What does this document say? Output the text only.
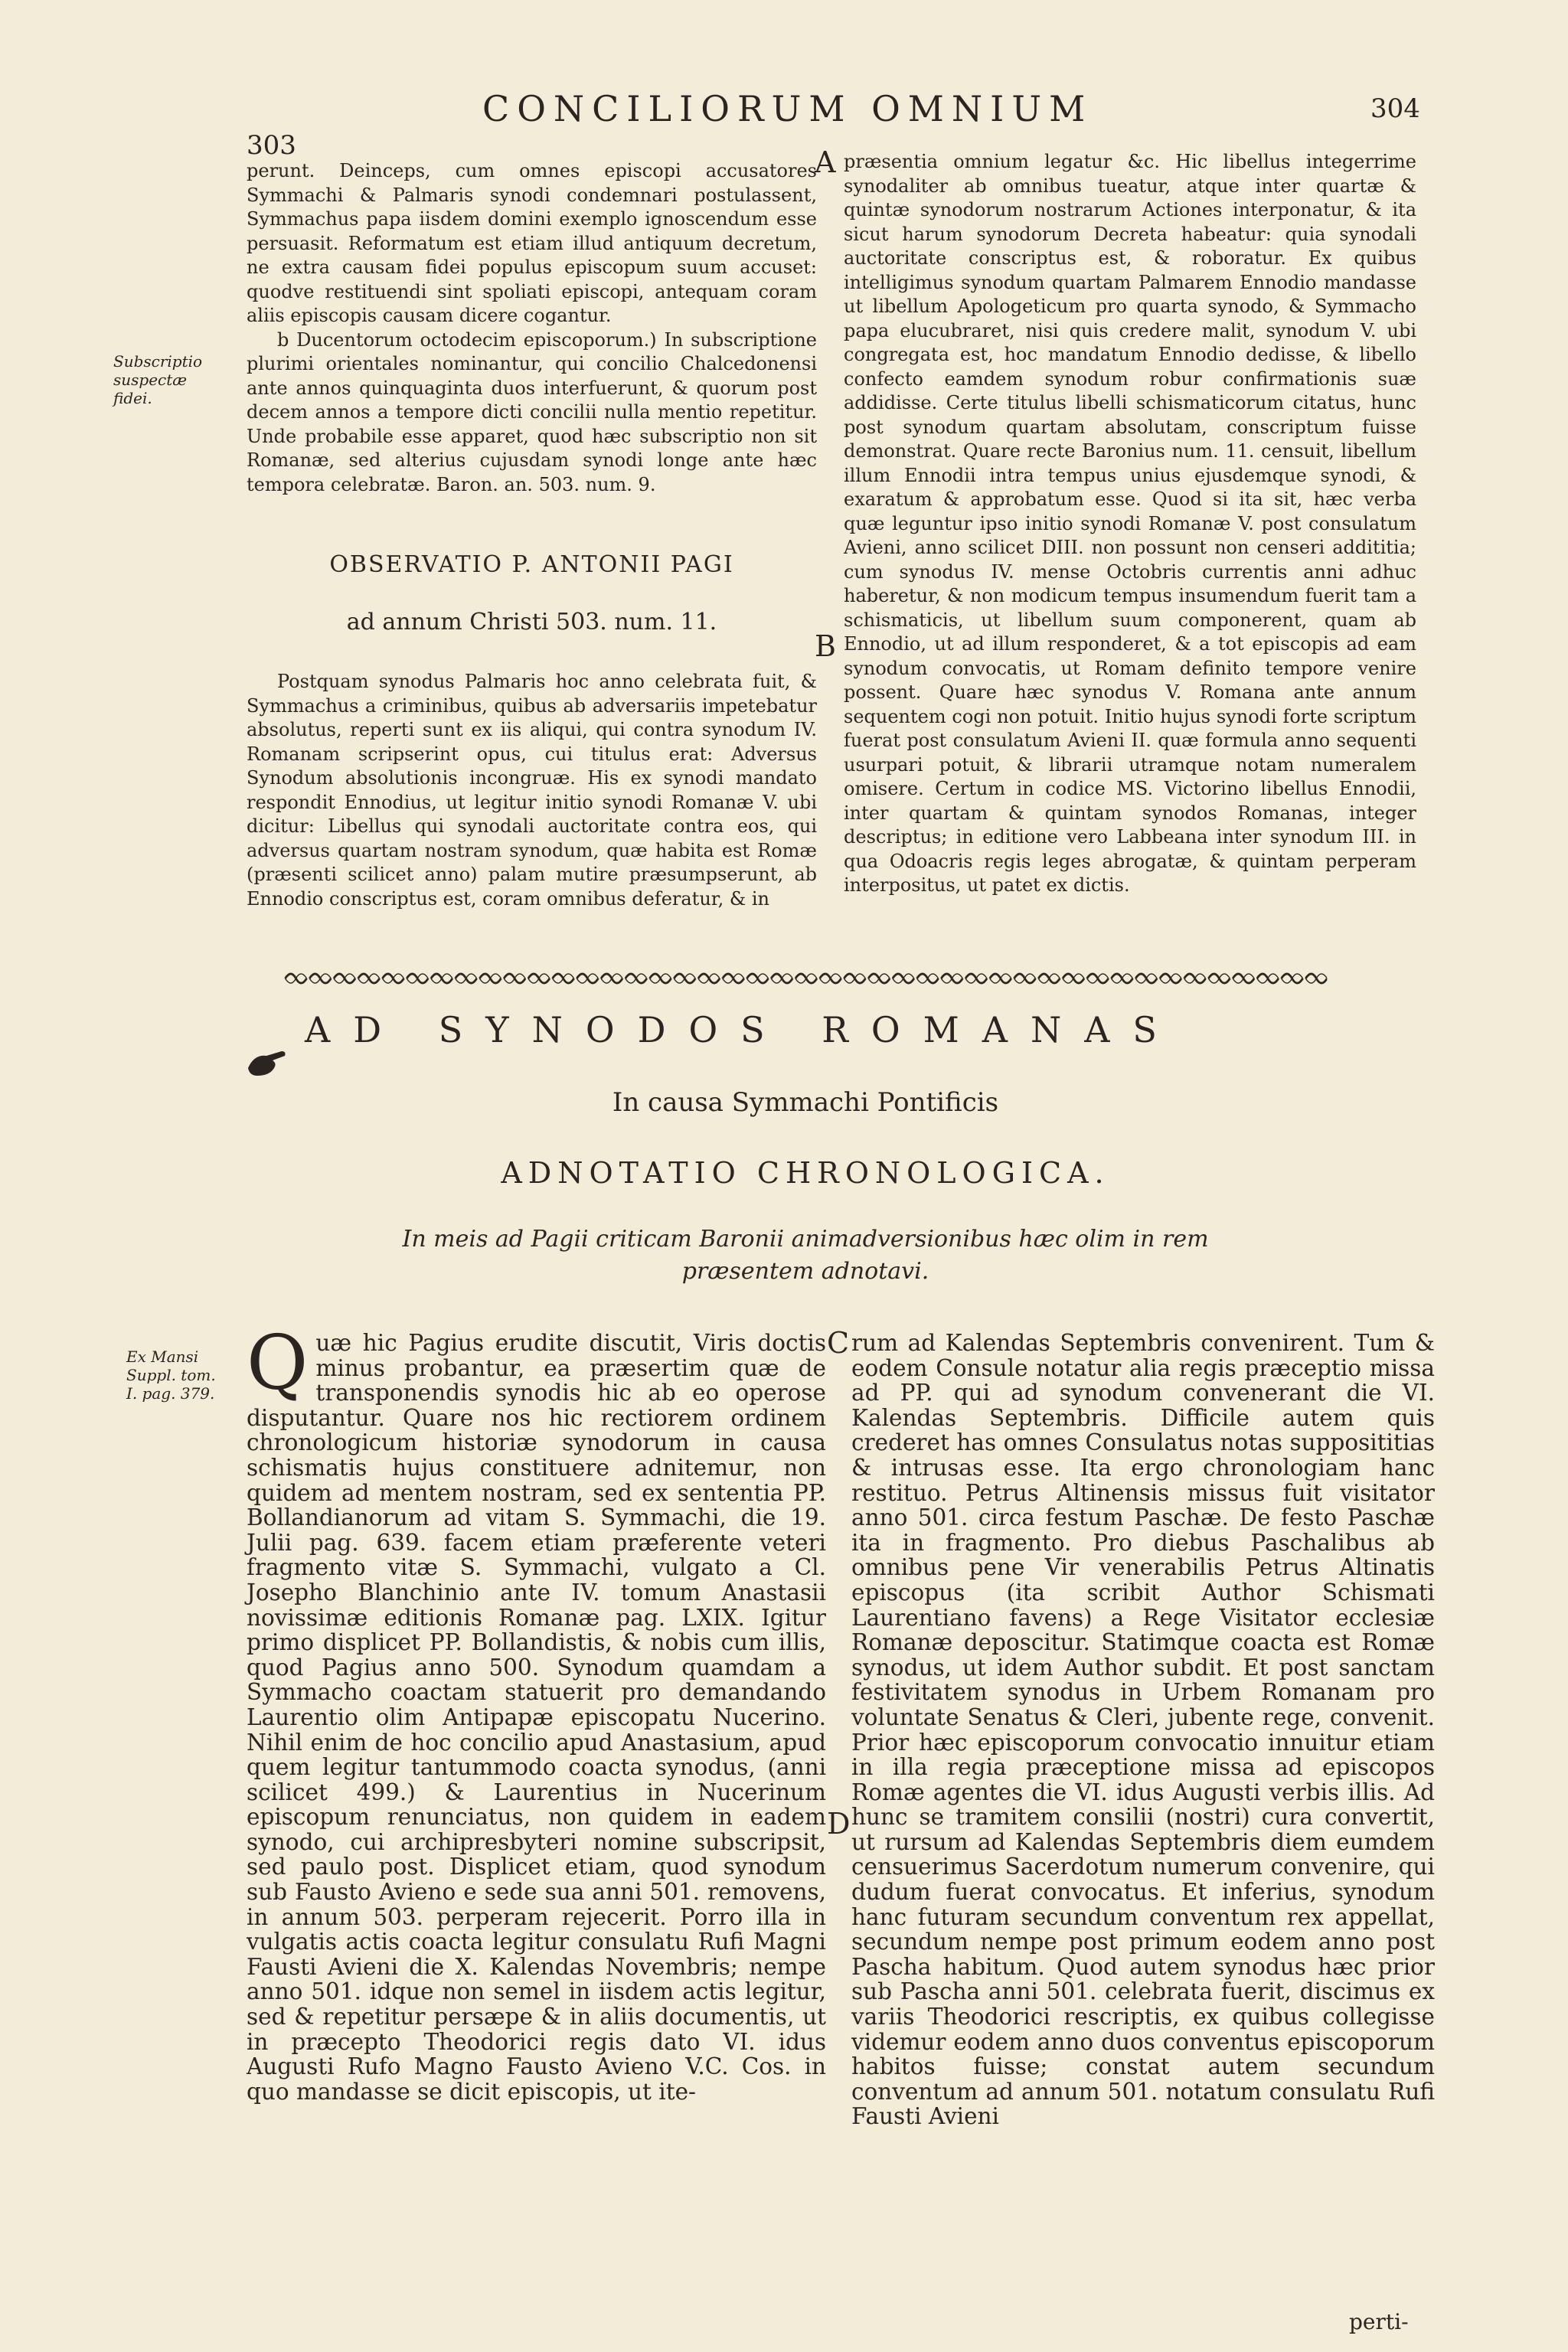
303
CONCILIORUM OMNIUM	304
Subscriptio suspectæ fidei.

perunt. Deinceps, cum omnes episcopi accusatores Symmachi & Palmaris synodi condemnari postulassent, Symmachus papa iisdem domini exemplo ignoscendum esse persuasit. Reformatum est etiam illud antiquum decretum, ne extra causam fidei populus episcopum suum accuset: quodve restituendi sint spoliati episcopi, antequam coram aliis episcopis causam dicere cogantur.

b Ducentorum octodecim episcoporum.) In subscriptione plurimi orientales nominantur, qui concilio Chalcedonensi ante annos quinquaginta duos interfuerunt, & quorum post decem annos a tempore dicti concilii nulla mentio repetitur. Unde probabile esse apparet, quod hæc subscriptio non sit Romanæ, sed alterius cujusdam synodi longe ante hæc tempora celebratæ. Baron. an. 503. num. 9.

OBSERVATIO P. ANTONII PAGI
ad annum Christi 503. num. 11.

Postquam synodus Palmaris hoc anno celebrata fuit, & Symmachus a criminibus, quibus ab adversariis impetebatur absolutus, reperti sunt ex iis aliqui, qui contra synodum IV. Romanam scripserint opus, cui titulus erat: Adversus Synodum absolutionis incongruæ. His ex synodi mandato respondit Ennodius, ut legitur initio synodi Romanæ V. ubi dicitur: Libellus qui synodali auctoritate contra eos, qui adversus quartam nostram synodum, quæ habita est Romæ (præsenti scilicet anno) palam mutire præsumpserunt, ab Ennodio conscriptus est, coram omnibus deferatur, & in

A
B

præsentia omnium legatur &c. Hic libellus integerrime synodaliter ab omnibus tueatur, atque inter quartæ & quintæ synodorum nostrarum Actiones interponatur, & ita sicut harum synodorum Decreta habeatur: quia synodali auctoritate conscriptus est, & roboratur. Ex quibus intelligimus synodum quartam Palmarem Ennodio mandasse ut libellum Apologeticum pro quarta synodo, & Symmacho papa elucubraret, nisi quis credere malit, synodum V. ubi congregata est, hoc mandatum Ennodio dedisse, & libello confecto eamdem synodum robur confirmationis suæ addidisse. Certe titulus libelli schismaticorum citatus, hunc post synodum quartam absolutam, conscriptum fuisse demonstrat. Quare recte Baronius num. 11. censuit, libellum illum Ennodii intra tempus unius ejusdemque synodi, & exaratum & approbatum esse. Quod si ita sit, hæc verba quæ leguntur ipso initio synodi Romanæ V. post consulatum Avieni, anno scilicet DIII. non possunt non censeri addititia; cum synodus IV. mense Octobris currentis anni adhuc haberetur, & non modicum tempus insumendum fuerit tam a schismaticis, ut libellum suum componerent, quam ab Ennodio, ut ad illum responderet, & a tot episcopis ad eam synodum convocatis, ut Romam definito tempore venire possent. Quare hæc synodus V. Romana ante annum sequentem cogi non potuit. Initio hujus synodi forte scriptum fuerat post consulatum Avieni II. quæ formula anno sequenti usurpari potuit, & librarii utramque notam numeralem omisere. Certum in codice MS. Victorino libellus Ennodii, inter quartam & quintam synodos Romanas, integer descriptus; in editione vero Labbeana inter synodum III. in qua Odoacris regis leges abrogatæ, & quintam perperam interpositus, ut patet ex dictis.

AD SYNODOS ROMANAS
In causa Symmachi Pontificis
ADNOTATIO CHRONOLOGICA.
In meis ad Pagii criticam Baronii animadversionibus hæc olim in rem
præsentem adnotavi.
Ex Mansi Suppl. tom. I. pag. 379. Q uæ hic Pagius erudite discutit, Viris doctis minus probantur, ea præsertim quæ de transponendis synodis hic ab eo operose disputantur. Quare nos hic rectiorem ordinem chronologicum historiæ synodorum in causa schismatis hujus constituere adnitemur, non quidem ad mentem nostram, sed ex sententia PP. Bollandianorum ad vitam S. Symmachi, die 19. Julii pag. 639. facem etiam præferente veteri fragmento vitæ S. Symmachi, vulgato a Cl. Josepho Blanchinio ante IV. tomum Anastasii novissimæ editionis Romanæ pag. LXIX. Igitur primo displicet PP. Bollandistis, & nobis cum illis, quod Pagius anno 500. Synodum quamdam a Symmacho coactam statuerit pro demandando Laurentio olim Antipapæ episcopatu Nucerino. Nihil enim de hoc concilio apud Anastasium, apud quem legitur tantummodo coacta synodus, (anni scilicet 499.) & Laurentius in Nucerinum episcopum renunciatus, non quidem in eadem synodo, cui archipresbyteri nomine subscripsit, sed paulo post. Displicet etiam, quod synodum sub Fausto Avieno e sede sua anni 501. removens, in annum 503. perperam rejecerit. Porro illa in vulgatis actis coacta legitur consulatu Rufi Magni Fausti Avieni die X. Kalendas Novembris; nempe anno 501. idque non semel in iisdem actis legitur, sed & repetitur persæpe & in aliis documentis, ut in præcepto Theodorici regis dato VI. idus Augusti Rufo Magno Fausto Avieno V.C. Cos. in quo mandasse se dicit episcopis, ut ite-

C
D

rum ad Kalendas Septembris convenirent. Tum & eodem Consule notatur alia regis præceptio missa ad PP. qui ad synodum convenerant die VI. Kalendas Septembris. Difficile autem quis crederet has omnes Consulatus notas supposititias & intrusas esse. Ita ergo chronologiam hanc restituo. Petrus Altinensis missus fuit visitator anno 501. circa festum Paschæ. De festo Paschæ ita in fragmento. Pro diebus Paschalibus ab omnibus pene Vir venerabilis Petrus Altinatis episcopus (ita scribit Author Schismati Laurentiano favens) a Rege Visitator ecclesiæ Romanæ deposcitur. Statimque coacta est Romæ synodus, ut idem Author subdit. Et post sanctam festivitatem synodus in Urbem Romanam pro voluntate Senatus & Cleri, jubente rege, convenit. Prior hæc episcoporum convocatio innuitur etiam in illa regia præceptione missa ad episcopos Romæ agentes die VI. idus Augusti verbis illis. Ad hunc se tramitem consilii (nostri) cura convertit, ut rursum ad Kalendas Septembris diem eumdem censuerimus Sacerdotum numerum convenire, qui dudum fuerat convocatus. Et inferius, synodum hanc futuram secundum conventum rex appellat, secundum nempe post primum eodem anno post Pascha habitum. Quod autem synodus hæc prior sub Pascha anni 501. celebrata fuerit, discimus ex variis Theodorici rescriptis, ex quibus collegisse videmur eodem anno duos conventus episcoporum habitos fuisse; constat autem secundum conventum ad annum 501. notatum consulatu Rufi Fausti Avieni

perti-
